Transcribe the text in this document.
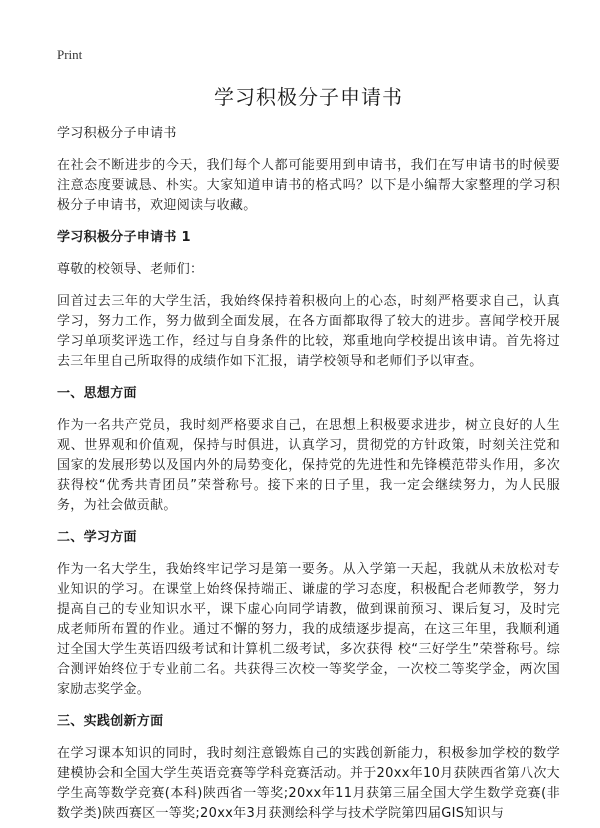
Print
学习积极分子申请书

学习积极分子申请书

在社会不断进步的今天，我们每个人都可能要用到申请书，我们在写申请书的时候要注意态度要诚恳、朴实。大家知道申请书的格式吗？以下是小编帮大家整理的学习积极分子申请书，欢迎阅读与收藏。

学习积极分子申请书 1

尊敬的校领导、老师们：

回首过去三年的大学生活，我始终保持着积极向上的心态，时刻严格要求自己，认真学习，努力工作，努力做到全面发展，在各方面都取得了较大的进步。喜闻学校开展学习单项奖评选工作，经过与自身条件的比较，郑重地向学校提出该申请。首先将过去三年里自己所取得的成绩作如下汇报，请学校领导和老师们予以审查。

一、思想方面

作为一名共产党员，我时刻严格要求自己，在思想上积极要求进步，树立良好的人生观、世界观和价值观，保持与时俱进，认真学习，贯彻党的方针政策，时刻关注党和国家的发展形势以及国内外的局势变化，保持党的先进性和先锋模范带头作用，多次获得校“优秀共青团员”荣誉称号。接下来的日子里，我一定会继续努力，为人民服务，为社会做贡献。

二、学习方面

作为一名大学生，我始终牢记学习是第一要务。从入学第一天起，我就从未放松对专业知识的学习。在课堂上始终保持端正、谦虚的学习态度，积极配合老师教学，努力提高自己的专业知识水平，课下虚心向同学请教，做到课前预习、课后复习，及时完成老师所布置的作业。通过不懈的努力，我的成绩逐步提高，在这三年里，我顺利通过全国大学生英语四级考试和计算机二级考试，多次获得 校“三好学生”荣誉称号。综合测评始终位于专业前二名。共获得三次校一等奖学金，一次校二等奖学金，两次国家励志奖学金。

三、实践创新方面

在学习课本知识的同时，我时刻注意锻炼自己的实践创新能力，积极参加学校的数学建模协会和全国大学生英语竞赛等学科竞赛活动。并于20xx年10月获陕西省第八次大学生高等数学竞赛(本科)陕西省一等奖;20xx年11月获第三届全国大学生数学竞赛(非数学类)陕西赛区一等奖;20xx年3月获测绘科学与技术学院第四届GIS知识与
